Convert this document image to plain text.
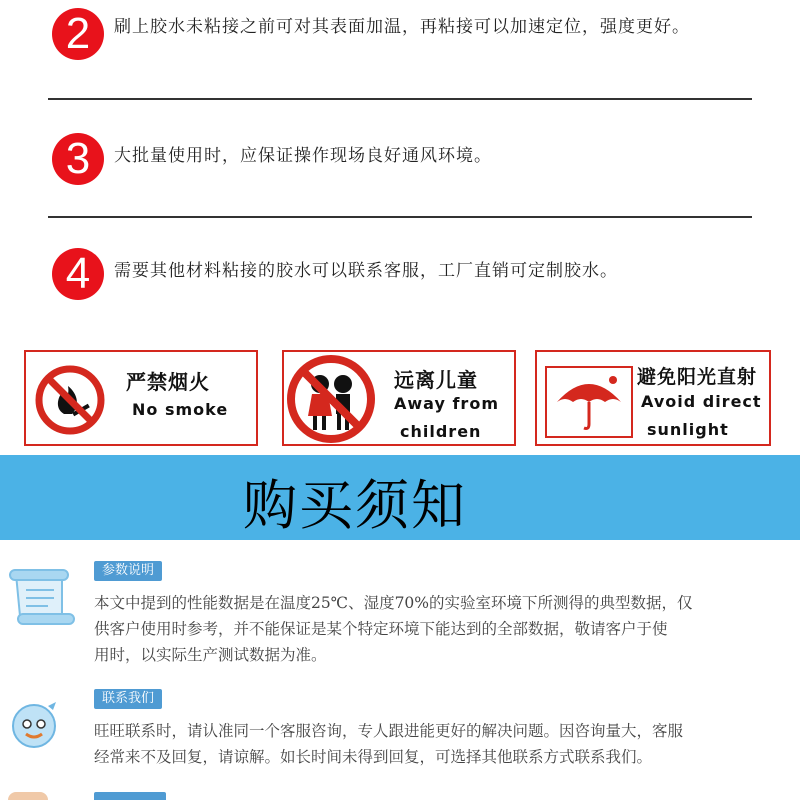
2	刷上胶水未粘接之前可对其表面加温，再粘接可以加速定位，强度更好。
3	大批量使用时，应保证操作现场良好通风环境。
4	需要其他材料粘接的胶水可以联系客服，工厂直销可定制胶水。
严禁烟火
No smoke
远离儿童
Away from
children
避免阳光直射
Avoid direct
sunlight
购买须知
参数说明
本文中提到的性能数据是在温度25℃、湿度70%的实验室环境下所测得的典型数据，仅
供客户使用时参考，并不能保证是某个特定环境下能达到的全部数据，敬请客户于使
用时，以实际生产测试数据为准。
联系我们
旺旺联系时，请认准同一个客服咨询，专人跟进能更好的解决问题。因咨询量大，客服
经常来不及回复，请谅解。如长时间未得到回复，可选择其他联系方式联系我们。
